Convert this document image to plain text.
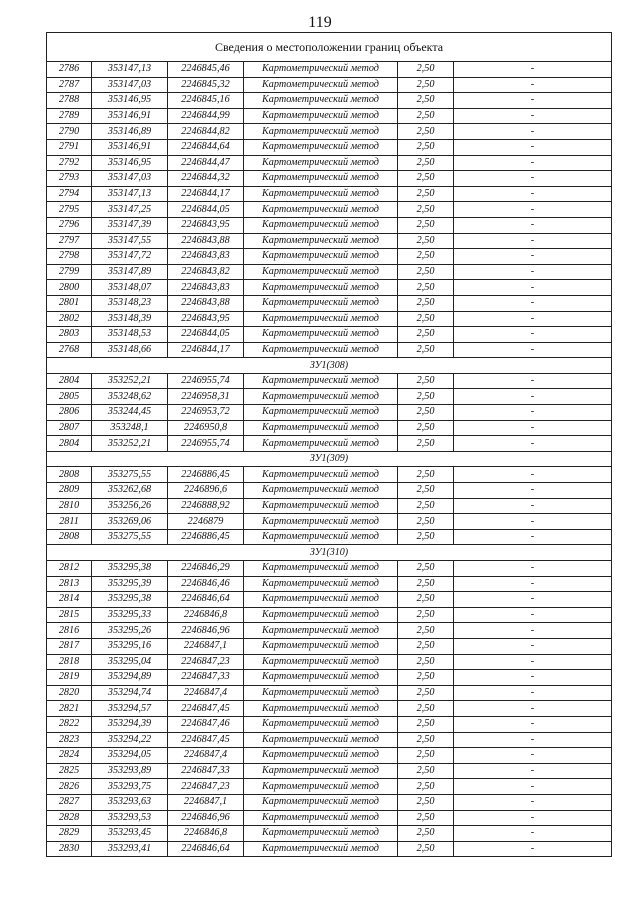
119
Сведения о местоположении границ объекта					
2786	353147,13	2246845,46	Картометрический метод	2,50	-
2787	353147,03	2246845,32	Картометрический метод	2,50	-
2788	353146,95	2246845,16	Картометрический метод	2,50	-
2789	353146,91	2246844,99	Картометрический метод	2,50	-
2790	353146,89	2246844,82	Картометрический метод	2,50	-
2791	353146,91	2246844,64	Картометрический метод	2,50	-
2792	353146,95	2246844,47	Картометрический метод	2,50	-
2793	353147,03	2246844,32	Картометрический метод	2,50	-
2794	353147,13	2246844,17	Картометрический метод	2,50	-
2795	353147,25	2246844,05	Картометрический метод	2,50	-
2796	353147,39	2246843,95	Картометрический метод	2,50	-
2797	353147,55	2246843,88	Картометрический метод	2,50	-
2798	353147,72	2246843,83	Картометрический метод	2,50	-
2799	353147,89	2246843,82	Картометрический метод	2,50	-
2800	353148,07	2246843,83	Картометрический метод	2,50	-
2801	353148,23	2246843,88	Картометрический метод	2,50	-
2802	353148,39	2246843,95	Картометрический метод	2,50	-
2803	353148,53	2246844,05	Картометрический метод	2,50	-
2768	353148,66	2246844,17	Картометрический метод	2,50	-
ЗУ1(308)					
2804	353252,21	2246955,74	Картометрический метод	2,50	-
2805	353248,62	2246958,31	Картометрический метод	2,50	-
2806	353244,45	2246953,72	Картометрический метод	2,50	-
2807	353248,1	2246950,8	Картометрический метод	2,50	-
2804	353252,21	2246955,74	Картометрический метод	2,50	-
ЗУ1(309)					
2808	353275,55	2246886,45	Картометрический метод	2,50	-
2809	353262,68	2246896,6	Картометрический метод	2,50	-
2810	353256,26	2246888,92	Картометрический метод	2,50	-
2811	353269,06	2246879	Картометрический метод	2,50	-
2808	353275,55	2246886,45	Картометрический метод	2,50	-
ЗУ1(310)					
2812	353295,38	2246846,29	Картометрический метод	2,50	-
2813	353295,39	2246846,46	Картометрический метод	2,50	-
2814	353295,38	2246846,64	Картометрический метод	2,50	-
2815	353295,33	2246846,8	Картометрический метод	2,50	-
2816	353295,26	2246846,96	Картометрический метод	2,50	-
2817	353295,16	2246847,1	Картометрический метод	2,50	-
2818	353295,04	2246847,23	Картометрический метод	2,50	-
2819	353294,89	2246847,33	Картометрический метод	2,50	-
2820	353294,74	2246847,4	Картометрический метод	2,50	-
2821	353294,57	2246847,45	Картометрический метод	2,50	-
2822	353294,39	2246847,46	Картометрический метод	2,50	-
2823	353294,22	2246847,45	Картометрический метод	2,50	-
2824	353294,05	2246847,4	Картометрический метод	2,50	-
2825	353293,89	2246847,33	Картометрический метод	2,50	-
2826	353293,75	2246847,23	Картометрический метод	2,50	-
2827	353293,63	2246847,1	Картометрический метод	2,50	-
2828	353293,53	2246846,96	Картометрический метод	2,50	-
2829	353293,45	2246846,8	Картометрический метод	2,50	-
2830	353293,41	2246846,64	Картометрический метод	2,50	-
